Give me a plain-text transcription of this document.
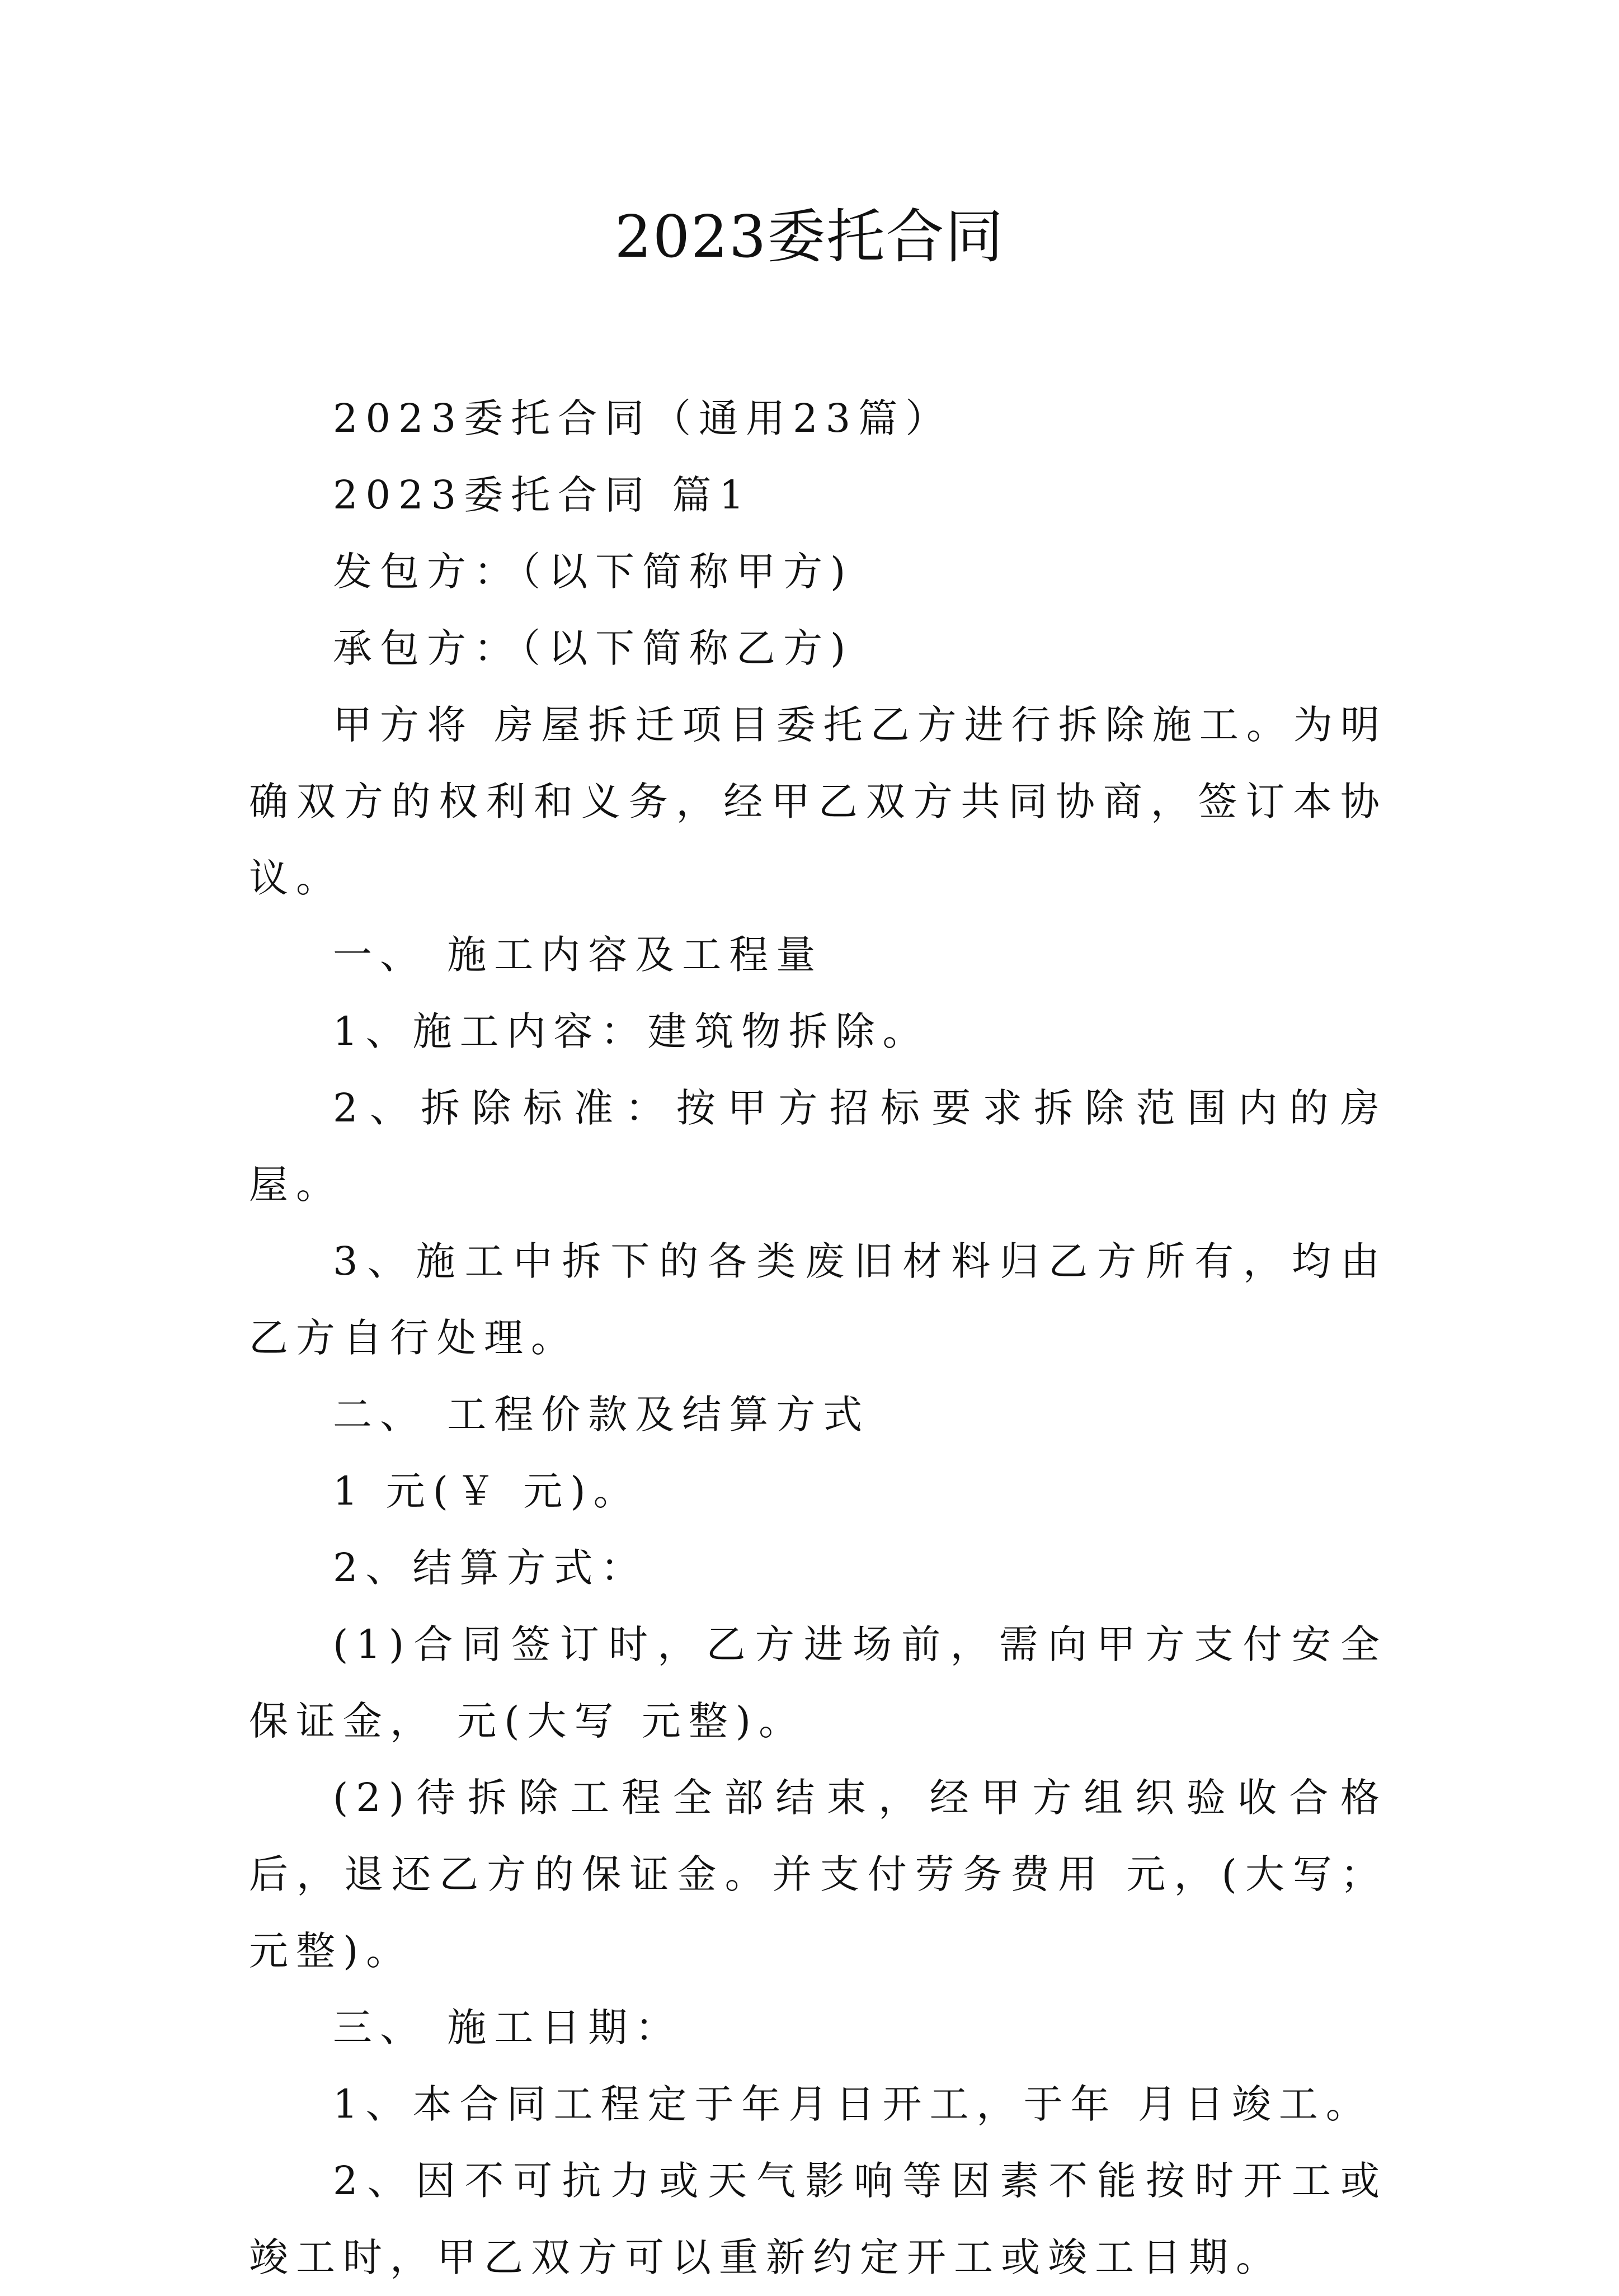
2023委托合同

2023委托合同（通用23篇）

2023委托合同 篇1

发包方：（以下简称甲方)

承包方：（以下简称乙方)

甲方将 房屋拆迁项目委托乙方进行拆除施工。为明确双方的权利和义务，经甲乙双方共同协商，签订本协议。

一、 施工内容及工程量

1、施工内容：建筑物拆除。

2、拆除标准：按甲方招标要求拆除范围内的房屋。

3、施工中拆下的各类废旧材料归乙方所有，均由乙方自行处理。

二、 工程价款及结算方式

1 元(￥ 元)。

2、结算方式：

(1)合同签订时，乙方进场前，需向甲方支付安全保证金， 元(大写 元整)。

(2)待拆除工程全部结束，经甲方组织验收合格后，退还乙方的保证金。并支付劳务费用 元，(大写；元整)。

三、 施工日期：

1、本合同工程定于年月日开工，于年 月日竣工。

2、因不可抗力或天气影响等因素不能按时开工或竣工时，甲乙双方可以重新约定开工或竣工日期。
